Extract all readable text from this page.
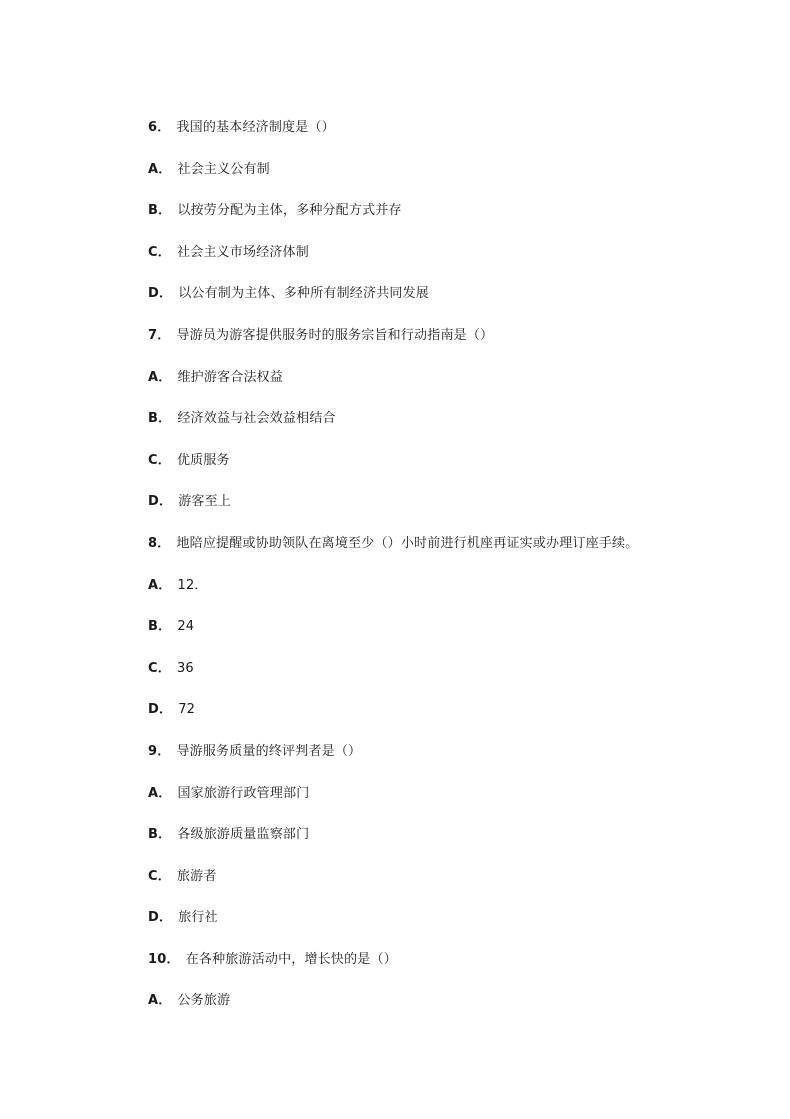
6． 我国的基本经济制度是（）
A． 社会主义公有制
B． 以按劳分配为主体，多种分配方式并存
C． 社会主义市场经济体制
D． 以公有制为主体、多种所有制经济共同发展
7． 导游员为游客提供服务时的服务宗旨和行动指南是（）
A． 维护游客合法权益
B． 经济效益与社会效益相结合
C． 优质服务
D． 游客至上
8． 地陪应提醒或协助领队在离境至少（）小时前进行机座再证实或办理订座手续。
A． 12．
B． 24
C． 36
D． 72
9． 导游服务质量的终评判者是（）
A． 国家旅游行政管理部门
B． 各级旅游质量监察部门
C． 旅游者
D． 旅行社
10． 在各种旅游活动中，增长快的是（）
A． 公务旅游
